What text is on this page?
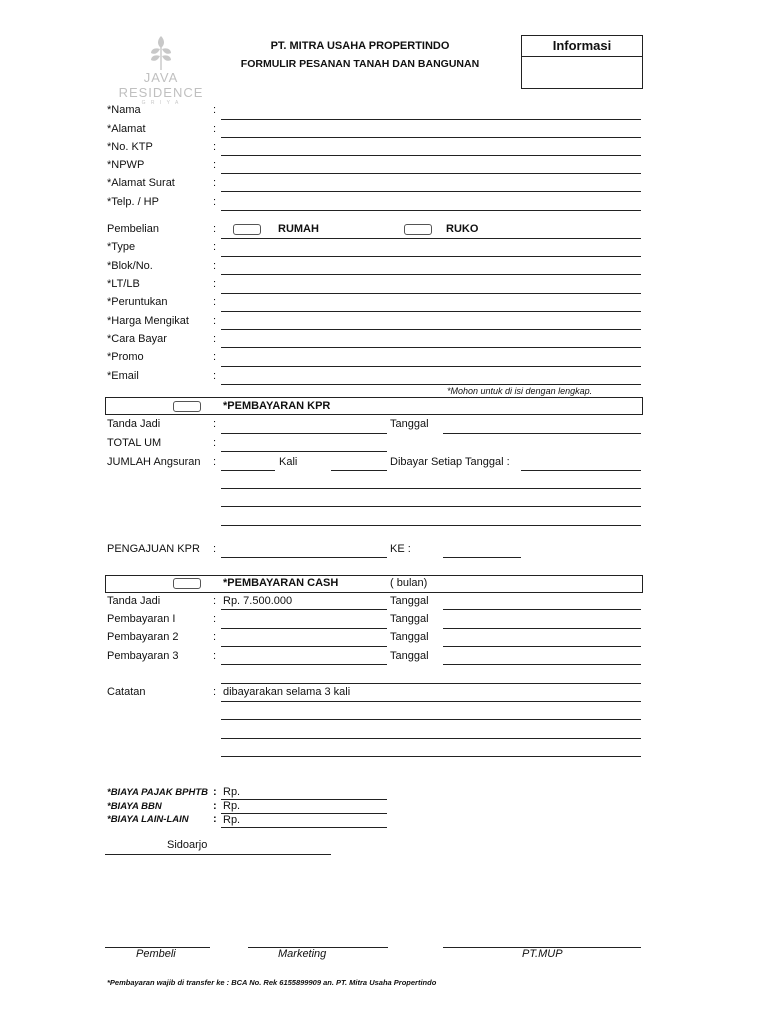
JAVA RESIDENCE
G R I Y A
PT. MITRA USAHA PROPERTINDO
FORMULIR PESANAN TANAH DAN BANGUNAN
Informasi
*Nama	:
*Alamat	:
*No. KTP	:
*NPWP	:
*Alamat Surat	:
*Telp. / HP	:
Pembelian	:	RUMAH	RUKO
*Type	:
*Blok/No.	:
*LT/LB	:
*Peruntukan	:
*Harga Mengikat :
*Cara Bayar	:
*Promo	:
*Email	:
*Mohon untuk di isi dengan lengkap.
*PEMBAYARAN KPR
Tanda Jadi	:	Tanggal
TOTAL UM	:
JUMLAH Angsuran :	Kali	Dibayar Setiap Tanggal :
PENGAJUAN KPR :	KE :
*PEMBAYARAN CASH	( bulan)
Tanda Jadi	: Rp. 7.500.000	Tanggal
Pembayaran I	:	Tanggal
Pembayaran 2	:	Tanggal
Pembayaran 3	:	Tanggal
Catatan	: dibayarakan selama 3 kali
*BIAYA PAJAK BPHTB : Rp.
*BIAYA BBN	: Rp.
*BIAYA LAIN-LAIN : Rp.
Sidoarjo
Pembeli	Marketing	PT.MUP
*Pembayaran wajib di transfer ke : BCA No. Rek 6155899909 an. PT. Mitra Usaha Propertindo
